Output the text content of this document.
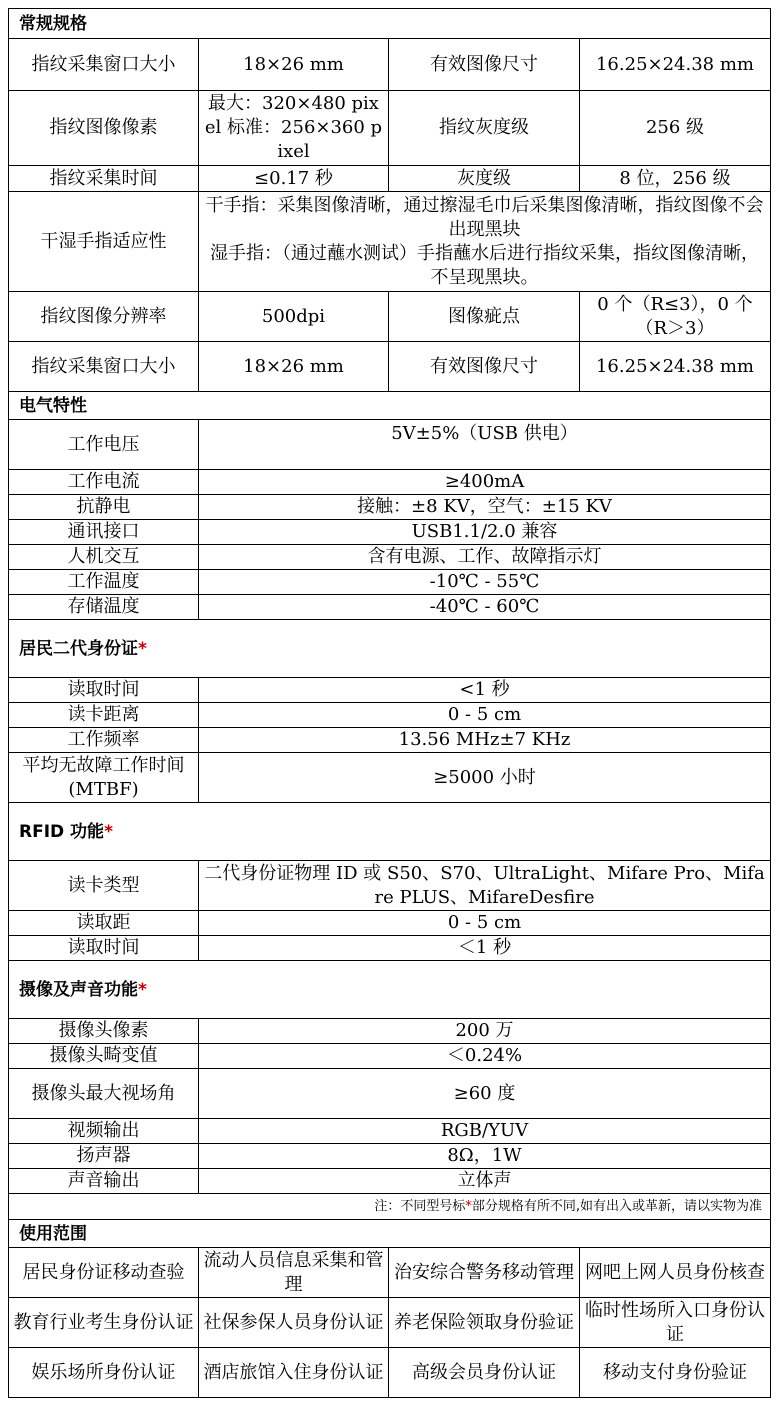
常规规格			
指纹采集窗口大小	18×26 mm	有效图像尺寸	16.25×24.38 mm
指纹图像像素	最大：320×480 pixel 标准：256×360 pixel	指纹灰度级	256 级
指纹采集时间	≤0.17 秒	灰度级	8 位，256 级
干湿手指适应性	干手指：采集图像清晰，通过擦湿毛巾后采集图像清晰，指纹图像不会出现黑块
湿手指：（通过蘸水测试）手指蘸水后进行指纹采集，指纹图像清晰，不呈现黑块。		

指纹图像分辨率	500dpi	图像疵点	0 个（R≤3），0 个（R＞3）
指纹采集窗口大小	18×26 mm	有效图像尺寸	16.25×24.38 mm
电气特性			
工作电压	5V±5%（USB 供电）		
工作电流	≥400mA		
抗静电	接触：±8 KV，空气：±15 KV		
通讯接口	USB1.1/2.0 兼容		
人机交互	含有电源、工作、故障指示灯		
工作温度	-10℃ - 55℃		
存储温度	-40℃ - 60℃		
居民二代身份证*			
读取时间	<1 秒		
读卡距离	0 - 5 cm		
工作频率	13.56 MHz±7 KHz		
平均无故障工作时间(MTBF)	≥5000 小时		
RFID 功能*			
读卡类型	二代身份证物理 ID 或 S50、S70、UltraLight、Mifare Pro、Mifare PLUS、MifareDesfire		
读取距	0 - 5 cm		
读取时间	＜1 秒		
摄像及声音功能*			
摄像头像素	200 万		
摄像头畸变值	＜0.24%		
摄像头最大视场角	≥60 度		
视频输出	RGB/YUV		
扬声器	8Ω，1W		
声音输出	立体声		
注：不同型号标*部分规格有所不同,如有出入或革新，请以实物为准			
使用范围			
居民身份证移动查验	流动人员信息采集和管理	治安综合警务移动管理	网吧上网人员身份核查
教育行业考生身份认证	社保参保人员身份认证	养老保险领取身份验证	临时性场所入口身份认证
娱乐场所身份认证	酒店旅馆入住身份认证	高级会员身份认证	移动支付身份验证
